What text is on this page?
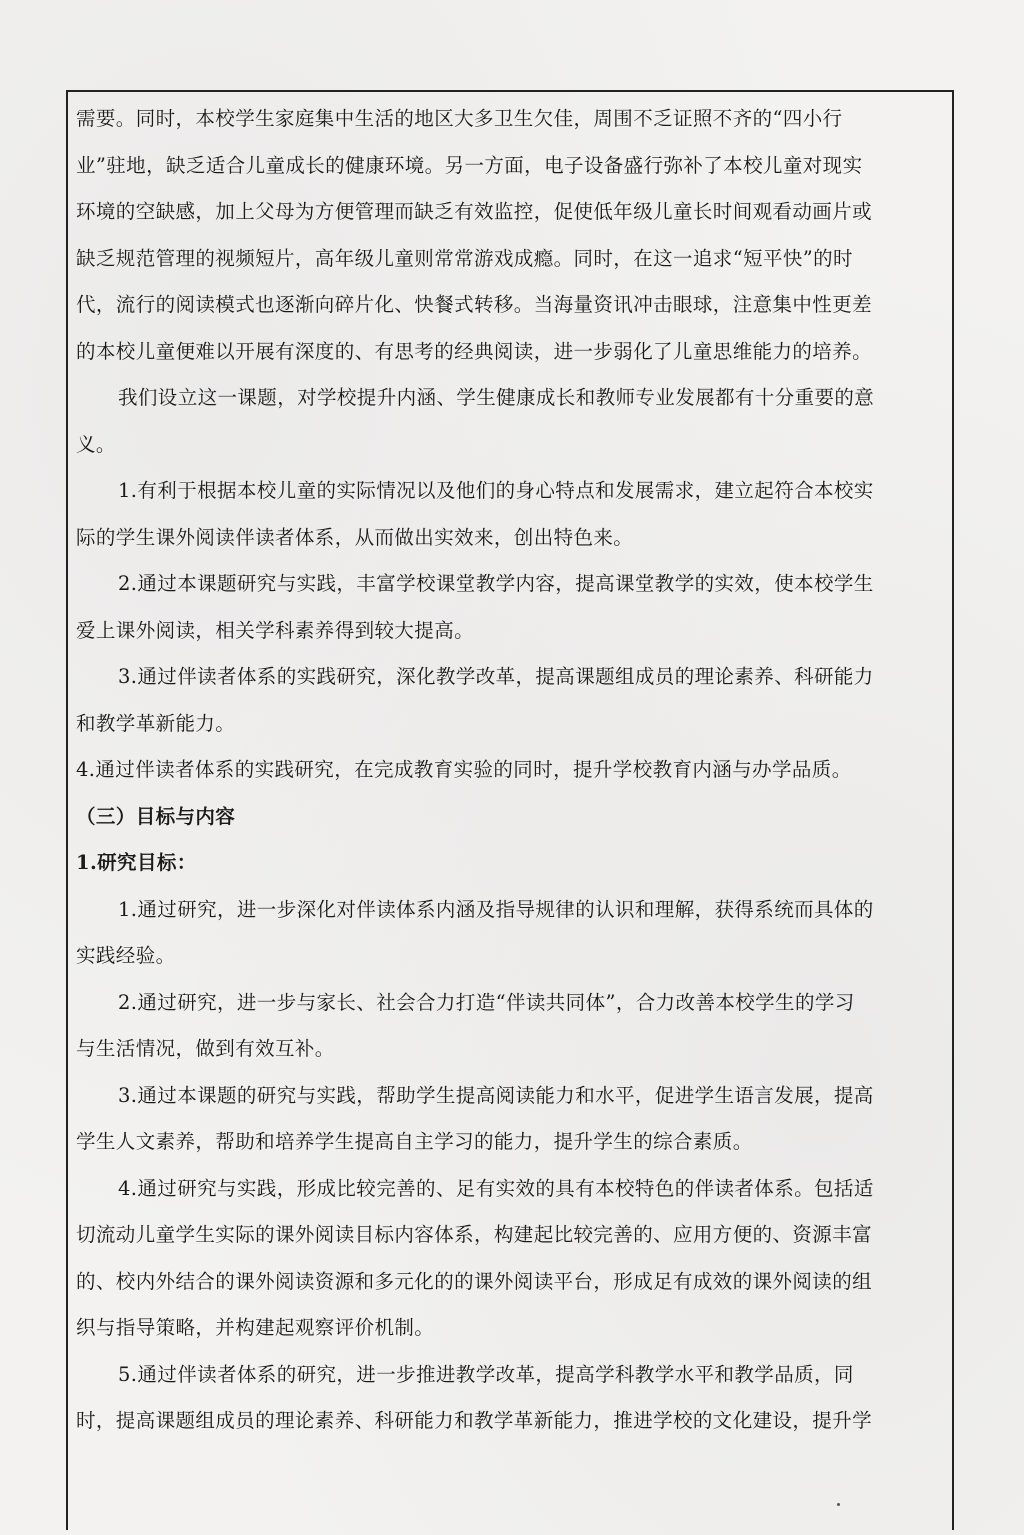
需要。同时，本校学生家庭集中生活的地区大多卫生欠佳，周围不乏证照不齐的“四小行
业”驻地，缺乏适合儿童成长的健康环境。另一方面，电子设备盛行弥补了本校儿童对现实
环境的空缺感，加上父母为方便管理而缺乏有效监控，促使低年级儿童长时间观看动画片或
缺乏规范管理的视频短片，高年级儿童则常常游戏成瘾。同时，在这一追求“短平快”的时
代，流行的阅读模式也逐渐向碎片化、快餐式转移。当海量资讯冲击眼球，注意集中性更差
的本校儿童便难以开展有深度的、有思考的经典阅读，进一步弱化了儿童思维能力的培养。
我们设立这一课题，对学校提升内涵、学生健康成长和教师专业发展都有十分重要的意
义。
1.有利于根据本校儿童的实际情况以及他们的身心特点和发展需求，建立起符合本校实
际的学生课外阅读伴读者体系，从而做出实效来，创出特色来。
2.通过本课题研究与实践，丰富学校课堂教学内容，提高课堂教学的实效，使本校学生
爱上课外阅读，相关学科素养得到较大提高。
3.通过伴读者体系的实践研究，深化教学改革，提高课题组成员的理论素养、科研能力
和教学革新能力。
4.通过伴读者体系的实践研究，在完成教育实验的同时，提升学校教育内涵与办学品质。
（三）目标与内容
1.研究目标：
1.通过研究，进一步深化对伴读体系内涵及指导规律的认识和理解，获得系统而具体的
实践经验。
2.通过研究，进一步与家长、社会合力打造“伴读共同体”，合力改善本校学生的学习
与生活情况，做到有效互补。
3.通过本课题的研究与实践，帮助学生提高阅读能力和水平，促进学生语言发展，提高
学生人文素养，帮助和培养学生提高自主学习的能力，提升学生的综合素质。
4.通过研究与实践，形成比较完善的、足有实效的具有本校特色的伴读者体系。包括适
切流动儿童学生实际的课外阅读目标内容体系，构建起比较完善的、应用方便的、资源丰富
的、校内外结合的课外阅读资源和多元化的的课外阅读平台，形成足有成效的课外阅读的组
织与指导策略，并构建起观察评价机制。
5.通过伴读者体系的研究，进一步推进教学改革，提高学科教学水平和教学品质，同
时，提高课题组成员的理论素养、科研能力和教学革新能力，推进学校的文化建设，提升学
